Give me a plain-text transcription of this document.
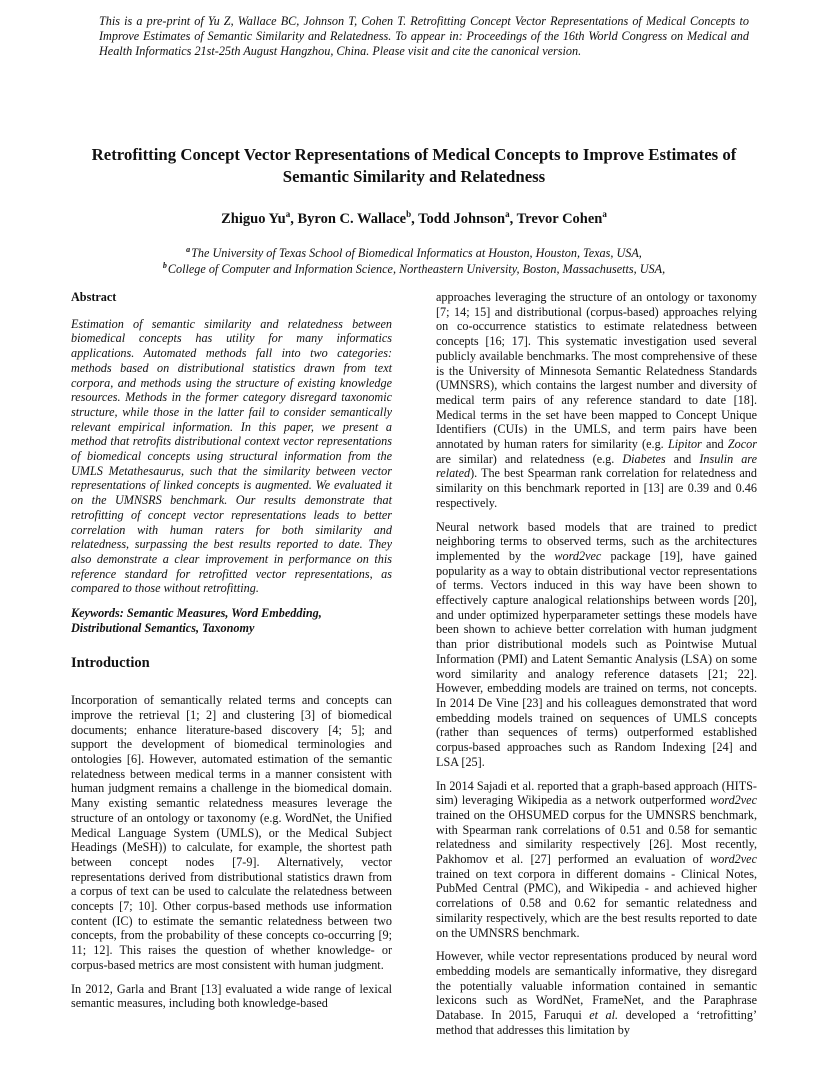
This is a pre-print of Yu Z, Wallace BC, Johnson T, Cohen T. Retrofitting Concept Vector Representations of Medical Concepts to Improve Estimates of Semantic Similarity and Relatedness. To appear in: Proceedings of the 16th World Congress on Medical and Health Informatics 21st-25th August Hangzhou, China. Please visit and cite the canonical version.
Retrofitting Concept Vector Representations of Medical Concepts to Improve Estimates of Semantic Similarity and Relatedness
Zhiguo Yu$^a$, Byron C. Wallace$^b$, Todd Johnson$^a$, Trevor Cohen$^a$
$^a$The University of Texas School of Biomedical Informatics at Houston, Houston, Texas, USA,
$^b$College of Computer and Information Science, Northeastern University, Boston, Massachusetts, USA,

Abstract

Estimation of semantic similarity and relatedness between biomedical concepts has utility for many informatics applications. Automated methods fall into two categories: methods based on distributional statistics drawn from text corpora, and methods using the structure of existing knowledge resources. Methods in the former category disregard taxonomic structure, while those in the latter fail to consider semantically relevant empirical information. In this paper, we present a method that retrofits distributional context vector representations of biomedical concepts using structural information from the UMLS Metathesaurus, such that the similarity between vector representations of linked concepts is augmented. We evaluated it on the UMNSRS benchmark. Our results demonstrate that retrofitting of concept vector representations leads to better correlation with human raters for both similarity and relatedness, surpassing the best results reported to date. They also demonstrate a clear improvement in performance on this reference standard for retrofitted vector representations, as compared to those without retrofitting.

Keywords: Semantic Measures, Word Embedding, Distributional Semantics, Taxonomy

Introduction

Incorporation of semantically related terms and concepts can improve the retrieval [1; 2] and clustering [3] of biomedical documents; enhance literature-based discovery [4; 5]; and support the development of biomedical terminologies and ontologies [6]. However, automated estimation of the semantic relatedness between medical terms in a manner consistent with human judgment remains a challenge in the biomedical domain. Many existing semantic relatedness measures leverage the structure of an ontology or taxonomy (e.g. WordNet, the Unified Medical Language System (UMLS), or the Medical Subject Headings (MeSH)) to calculate, for example, the shortest path between concept nodes [7-9]. Alternatively, vector representations derived from distributional statistics drawn from a corpus of text can be used to calculate the relatedness between concepts [7; 10]. Other corpus-based methods use information content (IC) to estimate the semantic relatedness between two concepts, from the probability of these concepts co-occurring [9; 11; 12]. This raises the question of whether knowledge- or corpus-based metrics are most consistent with human judgment.

In 2012, Garla and Brant [13] evaluated a wide range of lexical semantic measures, including both knowledge-based

approaches leveraging the structure of an ontology or taxonomy [7; 14; 15] and distributional (corpus-based) approaches relying on co-occurrence statistics to estimate relatedness between concepts [16; 17]. This systematic investigation used several publicly available benchmarks. The most comprehensive of these is the University of Minnesota Semantic Relatedness Standards (UMNSRS), which contains the largest number and diversity of medical term pairs of any reference standard to date [18]. Medical terms in the set have been mapped to Concept Unique Identifiers (CUIs) in the UMLS, and term pairs have been annotated by human raters for similarity (e.g. Lipitor and Zocor are similar) and relatedness (e.g. Diabetes and Insulin are related). The best Spearman rank correlation for relatedness and similarity on this benchmark reported in [13] are 0.39 and 0.46 respectively.

Neural network based models that are trained to predict neighboring terms to observed terms, such as the architectures implemented by the word2vec package [19], have gained popularity as a way to obtain distributional vector representations of terms. Vectors induced in this way have been shown to effectively capture analogical relationships between words [20], and under optimized hyperparameter settings these models have been shown to achieve better correlation with human judgment than prior distributional models such as Pointwise Mutual Information (PMI) and Latent Semantic Analysis (LSA) on some word similarity and analogy reference datasets [21; 22]. However, embedding models are trained on terms, not concepts. In 2014 De Vine [23] and his colleagues demonstrated that word embedding models trained on sequences of UMLS concepts (rather than sequences of terms) outperformed established corpus-based approaches such as Random Indexing [24] and LSA [25].

In 2014 Sajadi et al. reported that a graph-based approach (HITS-sim) leveraging Wikipedia as a network outperformed word2vec trained on the OHSUMED corpus for the UMNSRS benchmark, with Spearman rank correlations of 0.51 and 0.58 for semantic relatedness and similarity respectively [26]. Most recently, Pakhomov et al. [27] performed an evaluation of word2vec trained on text corpora in different domains - Clinical Notes, PubMed Central (PMC), and Wikipedia - and achieved higher correlations of 0.58 and 0.62 for semantic relatedness and similarity respectively, which are the best results reported to date on the UMNSRS benchmark.

However, while vector representations produced by neural word embedding models are semantically informative, they disregard the potentially valuable information contained in semantic lexicons such as WordNet, FrameNet, and the Paraphrase Database. In 2015, Faruqui et al. developed a ‘retrofitting’ method that addresses this limitation by
